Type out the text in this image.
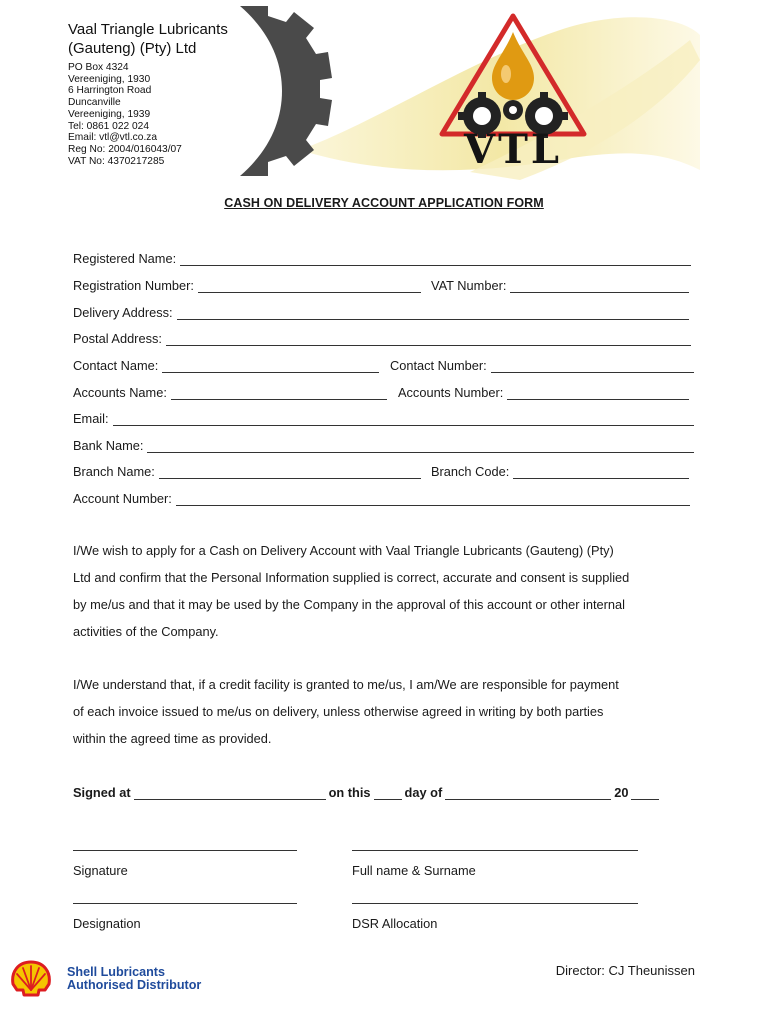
Vaal Triangle Lubricants
(Gauteng) (Pty) Ltd
PO Box 4324
Vereeniging, 1930
6 Harrington Road
Duncanville
Vereeniging, 1939
Tel: 0861 022 024
Email: vtl@vtl.co.za
Reg No: 2004/016043/07
VAT No: 4370217285	VTL
CASH ON DELIVERY ACCOUNT APPLICATION FORM
Registered Name:
Registration Number:	VAT Number:
Delivery Address:
Postal Address:
Contact Name:	Contact Number:
Accounts Name:	Accounts Number:
Email:
Bank Name:
Branch Name:	Branch Code:
Account Number:
I/We wish to apply for a Cash on Delivery Account with Vaal Triangle Lubricants (Gauteng) (Pty)
Ltd and confirm that the Personal Information supplied is correct, accurate and consent is supplied
by me/us and that it may be used by the Company in the approval of this account or other internal
activities of the Company.
I/We understand that, if a credit facility is granted to me/us, I am/We are responsible for payment
of each invoice issued to me/us on delivery, unless otherwise agreed in writing by both parties
within the agreed time as provided.
Signed at	on this	day of	20
Signature	Full name & Surname
Designation	DSR Allocation
Shell Lubricants
Authorised Distributor
Director: CJ Theunissen
